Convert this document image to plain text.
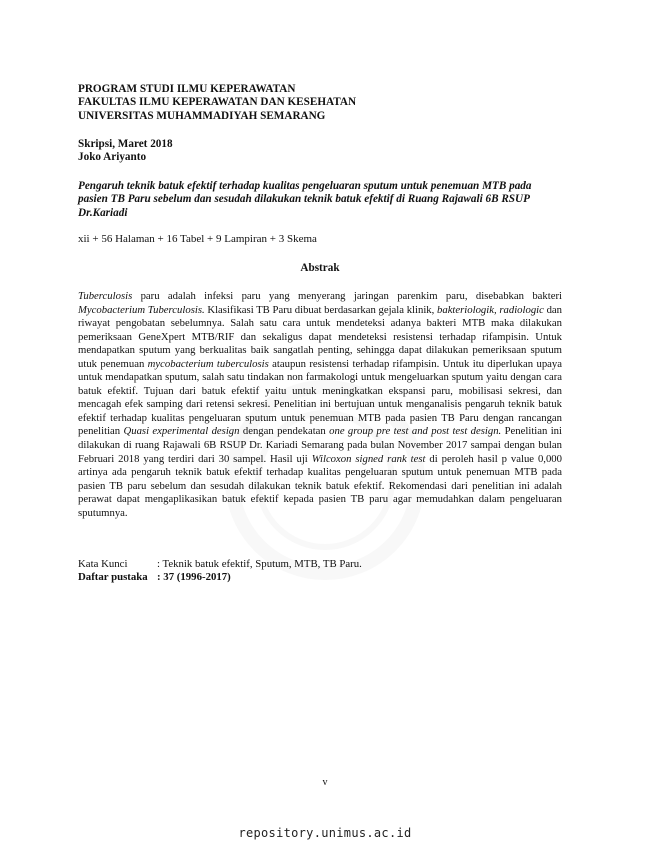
PROGRAM STUDI ILMU KEPERAWATAN
FAKULTAS ILMU KEPERAWATAN DAN KESEHATAN
UNIVERSITAS MUHAMMADIYAH SEMARANG
Skripsi, Maret 2018
Joko Ariyanto
Pengaruh teknik batuk efektif terhadap kualitas pengeluaran sputum untuk penemuan MTB pada pasien TB Paru sebelum dan sesudah dilakukan teknik batuk efektif di Ruang Rajawali 6B RSUP Dr.Kariadi
xii + 56 Halaman + 16 Tabel + 9 Lampiran + 3 Skema
Abstrak
Tuberculosis paru adalah infeksi paru yang menyerang jaringan parenkim paru, disebabkan bakteri Mycobacterium Tuberculosis. Klasifikasi TB Paru dibuat berdasarkan gejala klinik, bakteriologik, radiologic dan riwayat pengobatan sebelumnya. Salah satu cara untuk mendeteksi adanya bakteri MTB maka dilakukan pemeriksaan GeneXpert MTB/RIF dan sekaligus dapat mendeteksi resistensi terhadap rifampisin. Untuk mendapatkan sputum yang berkualitas baik sangatlah penting, sehingga dapat dilakukan pemeriksaan sputum utuk penemuan mycobacterium tuberculosis ataupun resistensi terhadap rifampisin. Untuk itu diperlukan upaya untuk mendapatkan sputum, salah satu tindakan non farmakologi untuk mengeluarkan sputum yaitu dengan cara batuk efektif. Tujuan dari batuk efektif yaitu untuk meningkatkan ekspansi paru, mobilisasi sekresi, dan mencagah efek samping dari retensi sekresi. Penelitian ini bertujuan untuk menganalisis pengaruh teknik batuk efektif terhadap kualitas pengeluaran sputum untuk penemuan MTB pada pasien TB Paru dengan rancangan penelitian Quasi experimental design dengan pendekatan one group pre test and post test design. Penelitian ini dilakukan di ruang Rajawali 6B RSUP Dr. Kariadi Semarang pada bulan November 2017 sampai dengan bulan Februari 2018 yang terdiri dari 30 sampel. Hasil uji Wilcoxon signed rank test di peroleh hasil p value 0,000 artinya ada pengaruh teknik batuk efektif terhadap kualitas pengeluaran sputum untuk penemuan MTB pada pasien TB paru sebelum dan sesudah dilakukan teknik batuk efektif. Rekomendasi dari penelitian ini adalah perawat dapat mengaplikasikan batuk efektif kepada pasien TB paru agar memudahkan dalam pengeluaran sputumnya.
Kata Kunci	: Teknik batuk efektif, Sputum, MTB, TB Paru.
Daftar pustaka : 37 (1996-2017)
v
repository.unimus.ac.id
